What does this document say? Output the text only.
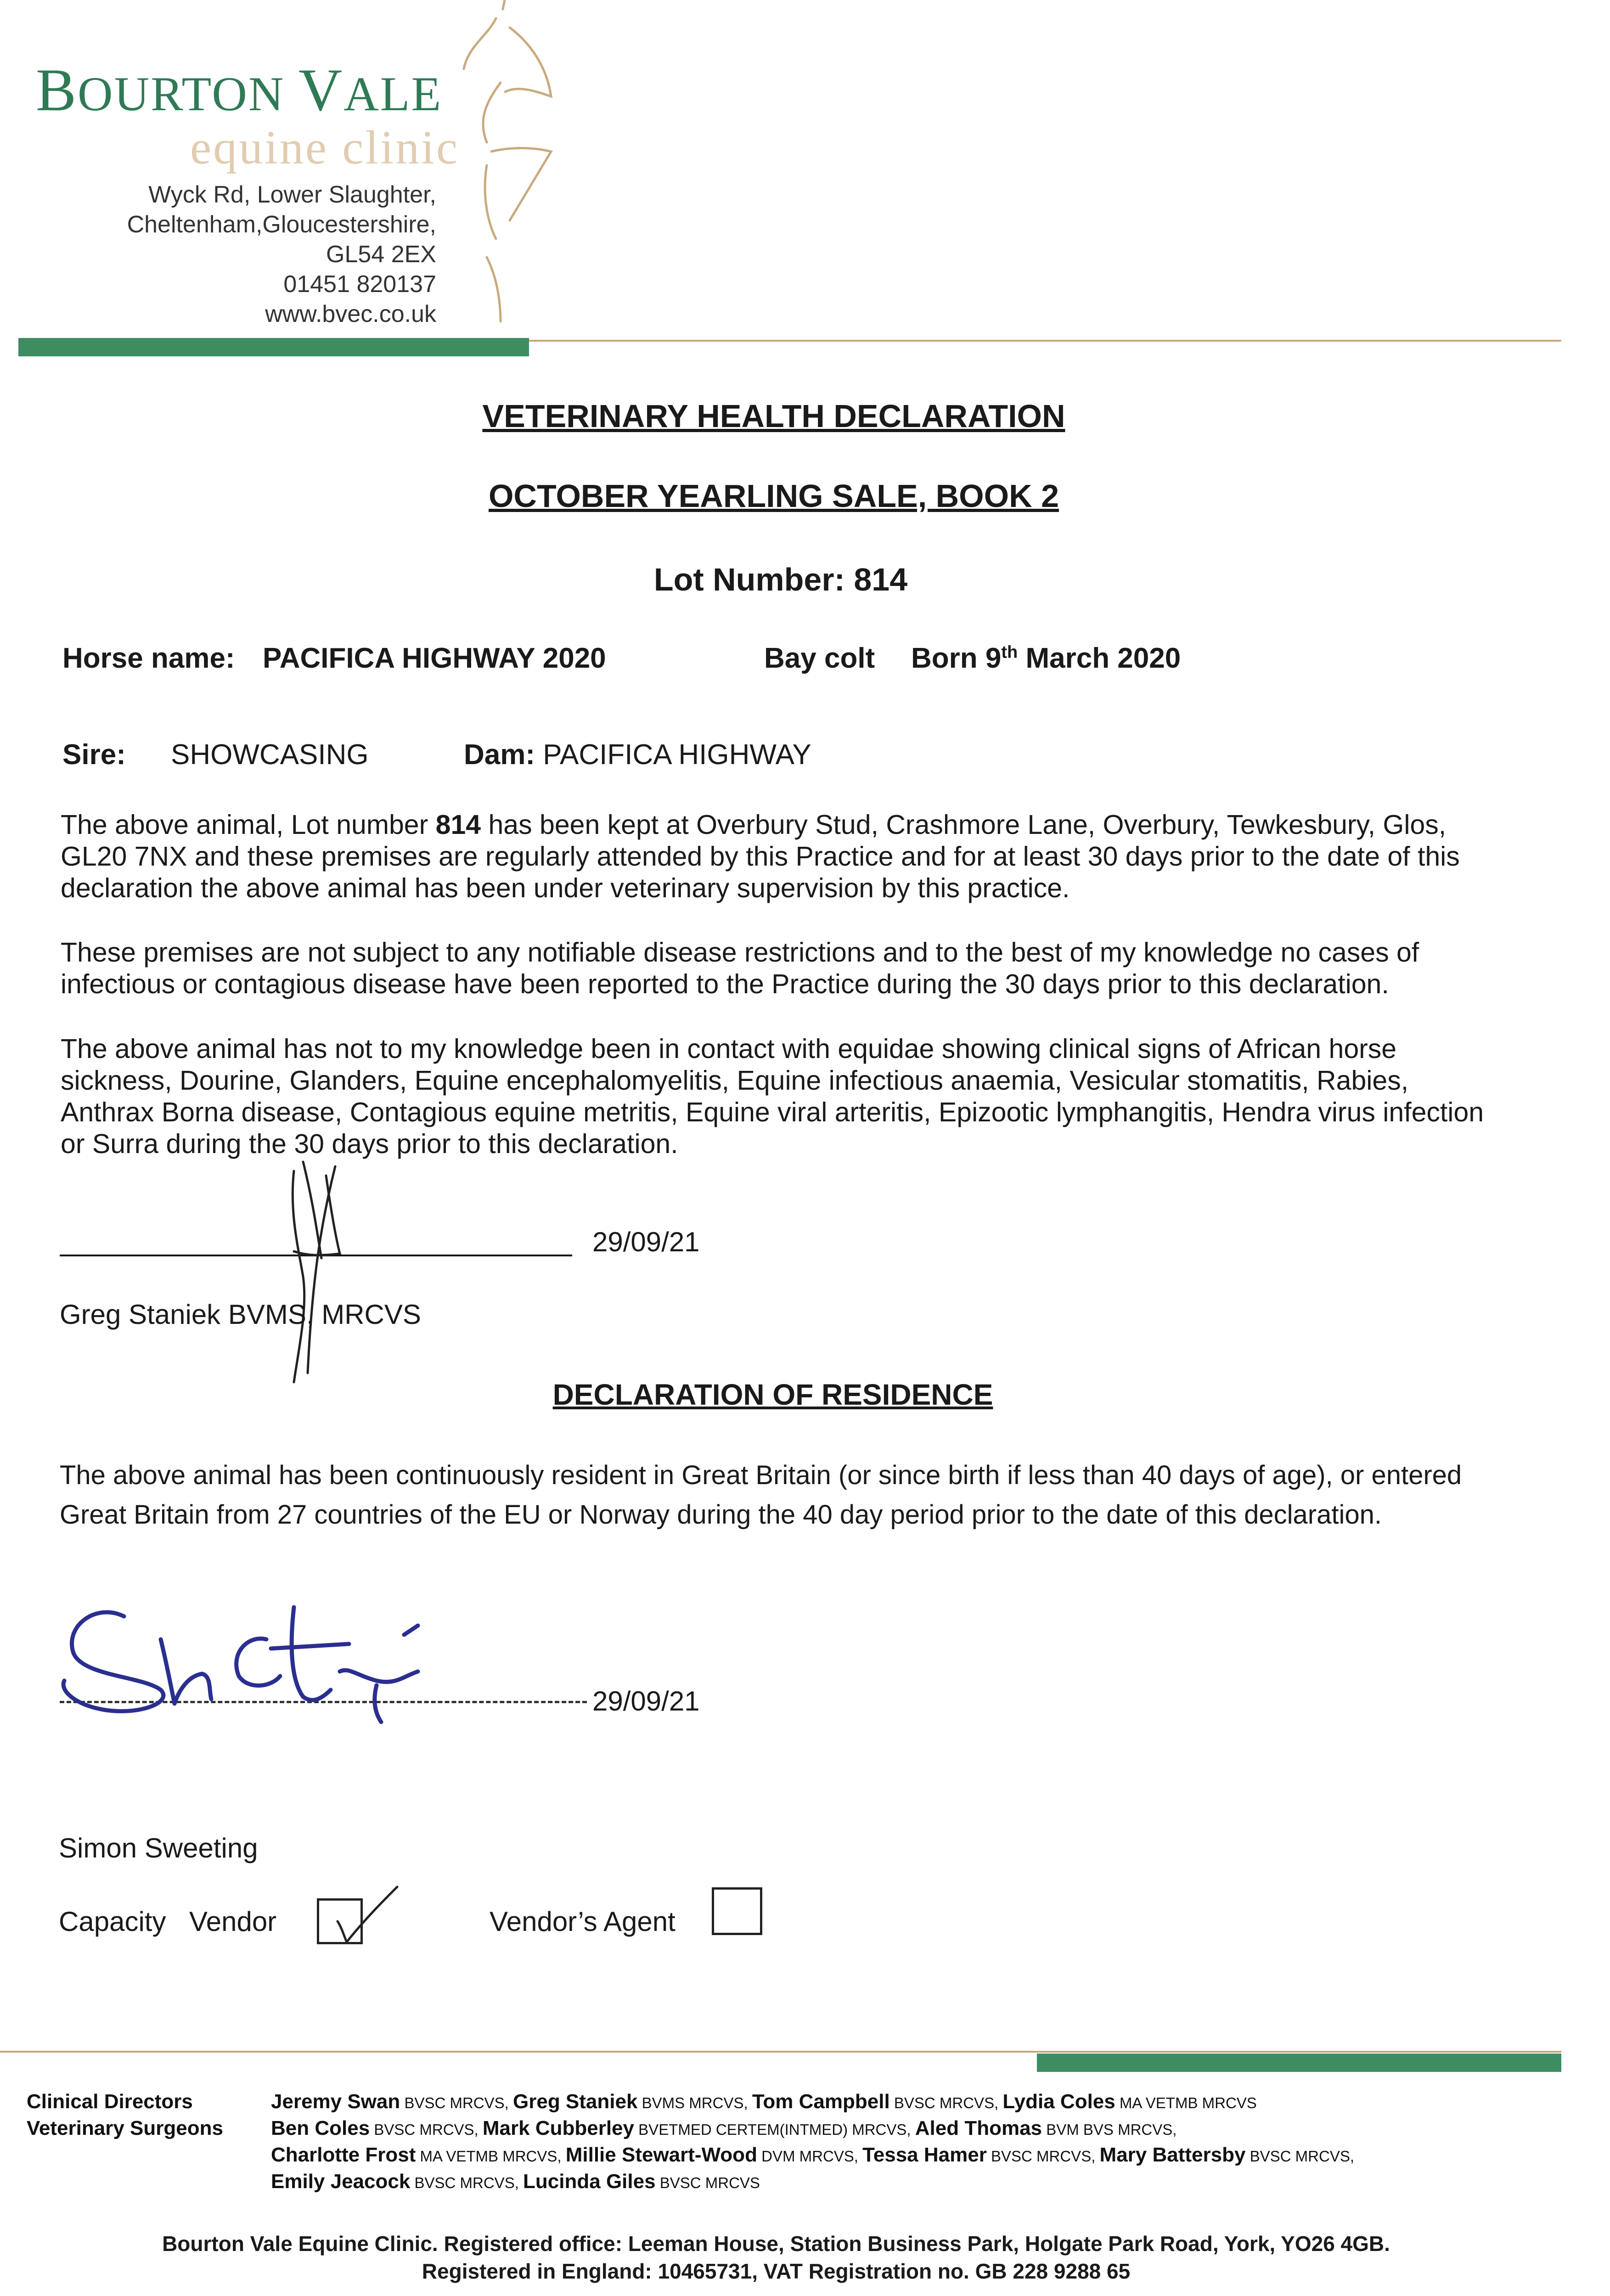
BOURTON VALE
equine clinic
Wyck Rd, Lower Slaughter,
Cheltenham,Gloucestershire,
GL54 2EX
01451 820137
www.bvec.co.uk
VETERINARY HEALTH DECLARATION
OCTOBER YEARLING SALE, BOOK 2
Lot Number: 814
Horse name: PACIFICA HIGHWAY 2020	Bay colt Born 9th March 2020
Sire: SHOWCASING	Dam: PACIFICA HIGHWAY
The above animal, Lot number 814 has been kept at Overbury Stud, Crashmore Lane, Overbury, Tewkesbury, Glos, GL20 7NX and these premises are regularly attended by this Practice and for at least 30 days prior to the date of this declaration the above animal has been under veterinary supervision by this practice.
These premises are not subject to any notifiable disease restrictions and to the best of my knowledge no cases of infectious or contagious disease have been reported to the Practice during the 30 days prior to this declaration.
The above animal has not to my knowledge been in contact with equidae showing clinical signs of African horse sickness, Dourine, Glanders, Equine encephalomyelitis, Equine infectious anaemia, Vesicular stomatitis, Rabies, Anthrax Borna disease, Contagious equine metritis, Equine viral arteritis, Epizootic lymphangitis, Hendra virus infection or Surra during the 30 days prior to this declaration.
29/09/21
Greg Staniek BVMS, MRCVS
DECLARATION OF RESIDENCE
The above animal has been continuously resident in Great Britain (or since birth if less than 40 days of age), or entered Great Britain from 27 countries of the EU or Norway during the 40 day period prior to the date of this declaration.
29/09/21
Simon Sweeting
Capacity Vendor	Vendor’s Agent
Clinical Directors
Veterinary Surgeons
Jeremy Swan BVSC MRCVS, Greg Staniek BVMS MRCVS, Tom Campbell BVSC MRCVS, Lydia Coles MA VETMB MRCVS
Ben Coles BVSC MRCVS, Mark Cubberley BVETMED CERTEM(INTMED) MRCVS, Aled Thomas BVM BVS MRCVS,
Charlotte Frost MA VETMB MRCVS, Millie Stewart-Wood DVM MRCVS, Tessa Hamer BVSC MRCVS, Mary Battersby BVSC MRCVS,
Emily Jeacock BVSC MRCVS, Lucinda Giles BVSC MRCVS
Bourton Vale Equine Clinic. Registered office: Leeman House, Station Business Park, Holgate Park Road, York, YO26 4GB.
Registered in England: 10465731, VAT Registration no. GB 228 9288 65
